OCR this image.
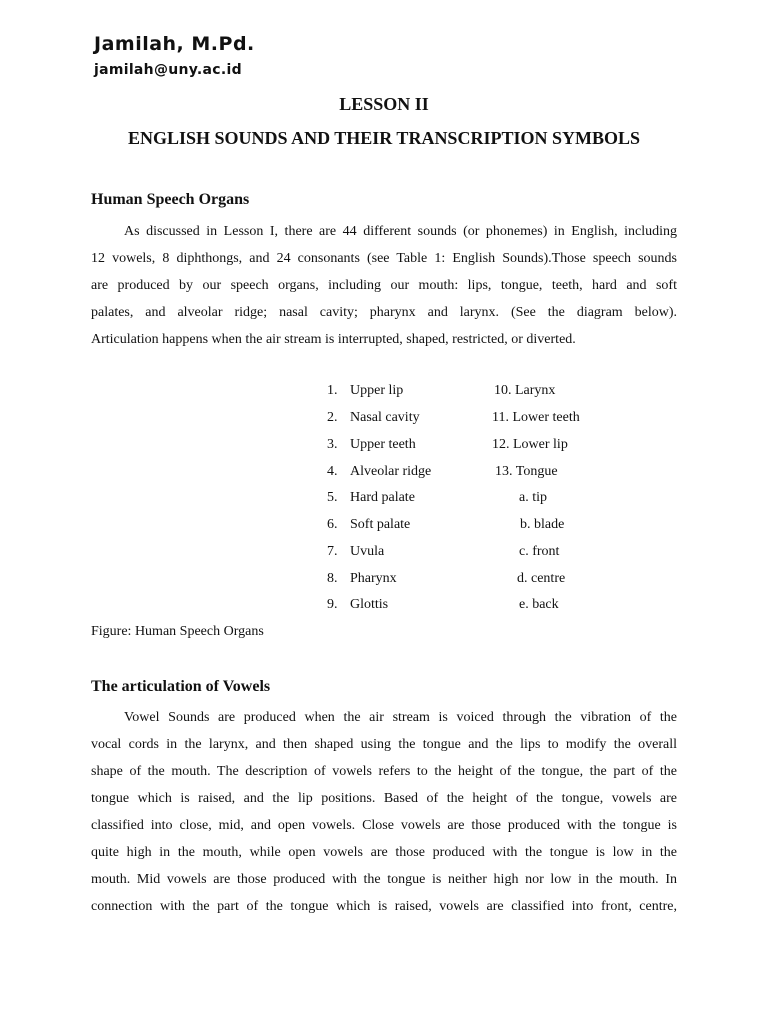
Jamilah, M.Pd.
jamilah@uny.ac.id
LESSON II
ENGLISH SOUNDS AND THEIR TRANSCRIPTION SYMBOLS
Human Speech Organs
As discussed in Lesson I, there are 44 different sounds (or phonemes) in English, including
12 vowels, 8 diphthongs, and 24 consonants (see Table 1: English Sounds).Those speech sounds
are produced by our speech organs, including our mouth: lips, tongue, teeth, hard and soft
palates, and alveolar ridge; nasal cavity; pharynx and larynx. (See the diagram below).
Articulation happens when the air stream is interrupted, shaped, restricted, or diverted.
1. Upper lip
2. Nasal cavity
3. Upper teeth
4. Alveolar ridge
5. Hard palate
6. Soft palate
7. Uvula
8. Pharynx
9. Glottis
10. Larynx
11. Lower teeth
12. Lower lip
13. Tongue
a. tip
b. blade
c. front
d. centre
e. back
Figure: Human Speech Organs
The articulation of Vowels
Vowel Sounds are produced when the air stream is voiced through the vibration of the
vocal cords in the larynx, and then shaped using the tongue and the lips to modify the overall
shape of the mouth. The description of vowels refers to the height of the tongue, the part of the
tongue which is raised, and the lip positions. Based of the height of the tongue, vowels are
classified into close, mid, and open vowels. Close vowels are those produced with the tongue is
quite high in the mouth, while open vowels are those produced with the tongue is low in the
mouth. Mid vowels are those produced with the tongue is neither high nor low in the mouth. In
connection with the part of the tongue which is raised, vowels are classified into front, centre,
